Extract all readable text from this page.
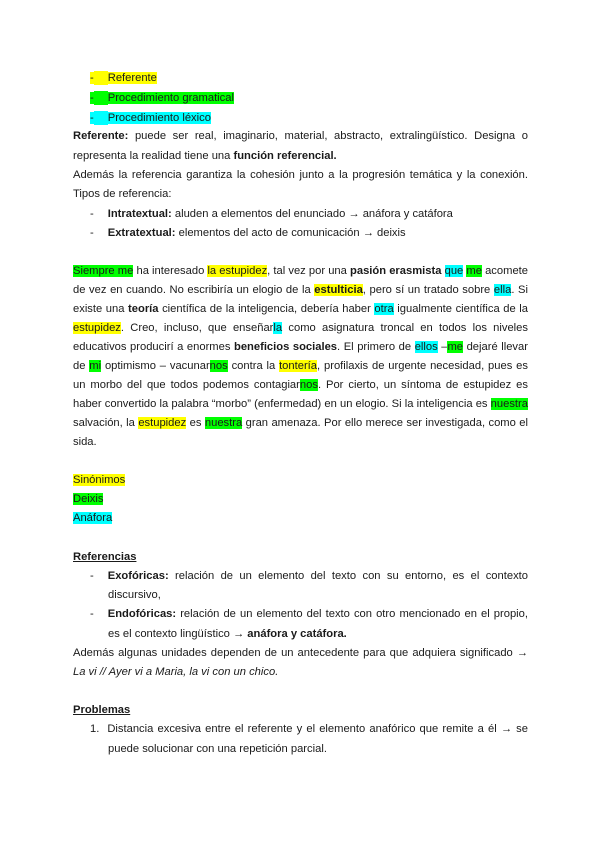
- Referente
- Procedimiento gramatical
- Procedimiento léxico
Referente: puede ser real, imaginario, material, abstracto, extralingüístico. Designa o
representa la realidad tiene una función referencial.
Además la referencia garantiza la cohesión junto a la progresión temática y la conexión.
Tipos de referencia:
- Intratextual: aluden a elementos del enunciado → anáfora y catáfora
- Extratextual: elementos del acto de comunicación → deixis
Siempre me ha interesado la estupidez, tal vez por una pasión erasmista que me acomete
de vez en cuando. No escribiría un elogio de la estulticia, pero sí un tratado sobre ella. Si
existe una teoría científica de la inteligencia, debería haber otra igualmente científica de la
estupidez. Creo, incluso, que enseñarla como asignatura troncal en todos los niveles
educativos producirí a enormes beneficios sociales. El primero de ellos –me dejaré llevar
de mi optimismo – vacunarnos contra la tontería, profilaxis de urgente necesidad, pues es
un morbo del que todos podemos contagiarnos. Por cierto, un síntoma de estupidez es
haber convertido la palabra “morbo” (enfermedad) en un elogio. Si la inteligencia es nuestra
salvación, la estupidez es nuestra gran amenaza. Por ello merece ser investigada, como el
sida.
Sinónimos
Deixis
Anáfora
Referencias
-	Exofóricas: relación de un elemento del texto con su entorno, es el contexto
discursivo,
-	Endofóricas: relación de un elemento del texto con otro mencionado en el propio,
es el contexto lingüístico → anáfora y catáfora.
Además algunas unidades dependen de un antecedente para que adquiera significado →
La vi // Ayer vi a Maria, la vi con un chico.
Problemas
1. Distancia excesiva entre el referente y el elemento anafórico que remite a él → se
puede solucionar con una repetición parcial.
